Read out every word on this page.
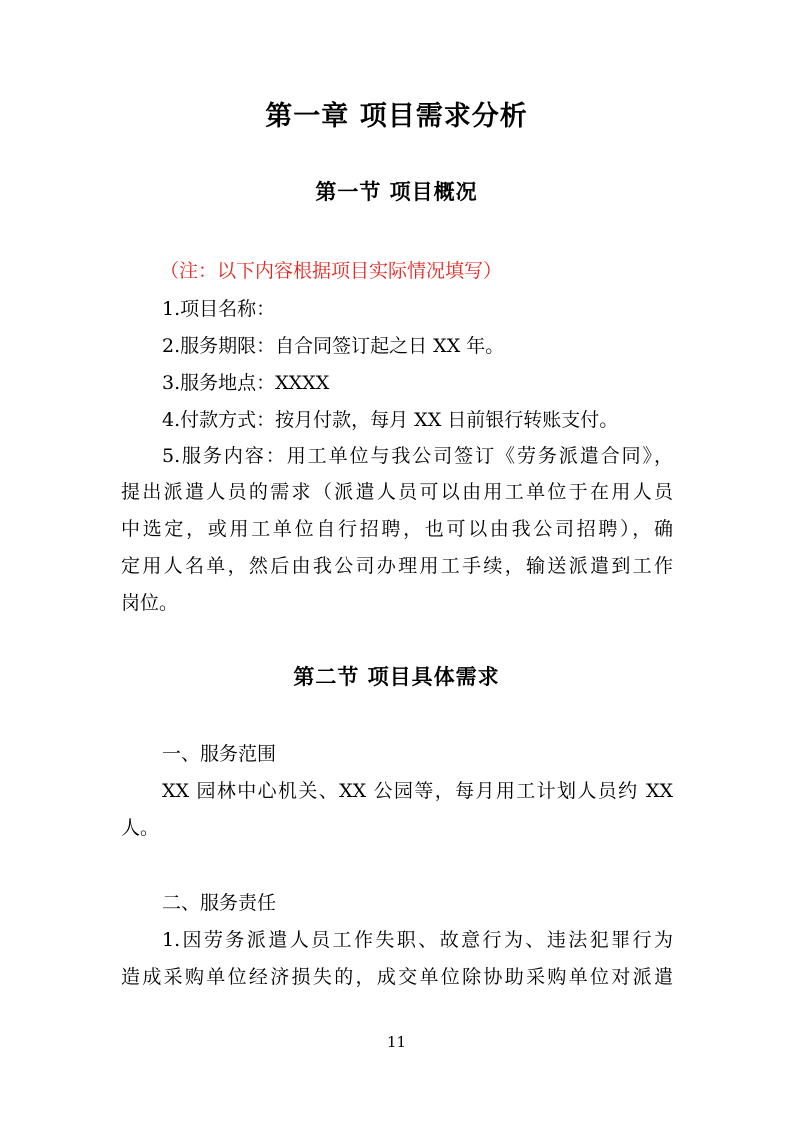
第一章 项目需求分析
第一节 项目概况
（注：以下内容根据项目实际情况填写）
1.项目名称：
2.服务期限：自合同签订起之日 XX 年。
3.服务地点：XXXX
4.付款方式：按月付款，每月 XX 日前银行转账支付。
5.服务内容：用工单位与我公司签订《劳务派遣合同》，
提出派遣人员的需求（派遣人员可以由用工单位于在用人员
中选定，或用工单位自行招聘，也可以由我公司招聘），确
定用人名单，然后由我公司办理用工手续，输送派遣到工作
岗位。
第二节 项目具体需求
一、服务范围
XX 园林中心机关、XX 公园等，每月用工计划人员约 XX
人。
二、服务责任
1.因劳务派遣人员工作失职、故意行为、违法犯罪行为
造成采购单位经济损失的，成交单位除协助采购单位对派遣
11
